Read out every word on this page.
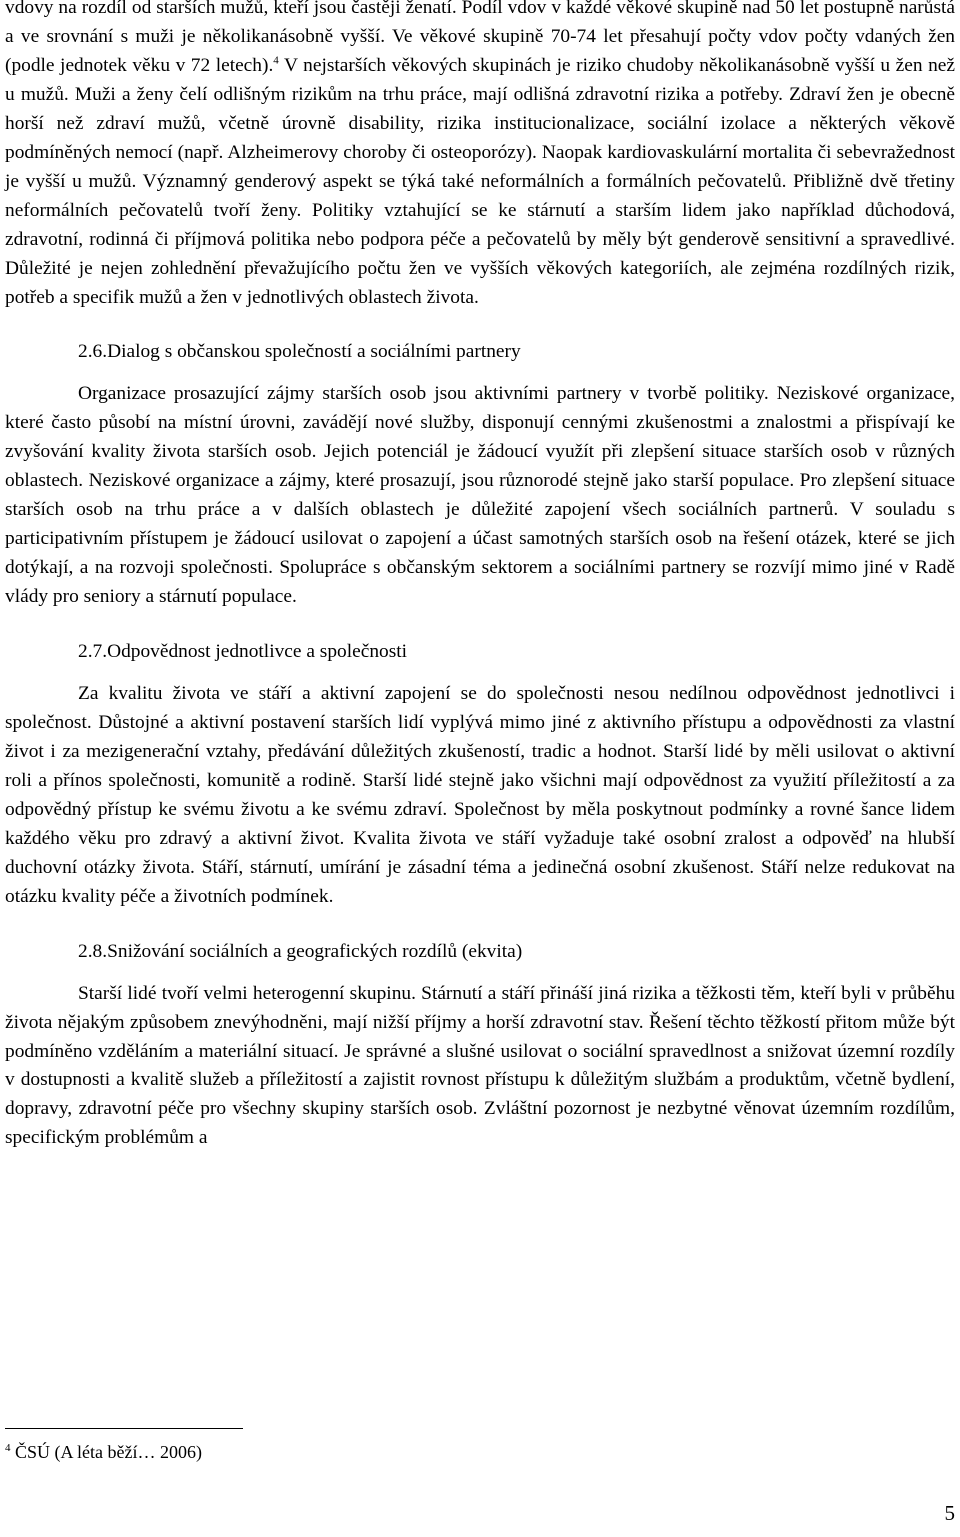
vdovy na rozdíl od starších mužů, kteří jsou častěji ženatí. Podíl vdov v každé věkové skupině nad 50 let postupně narůstá a ve srovnání s muži je několikanásobně vyšší. Ve věkové skupině 70-74 let přesahují počty vdov počty vdaných žen (podle jednotek věku v 72 letech).$^4$ V nejstarších věkových skupinách je riziko chudoby několikanásobně vyšší u žen než u mužů. Muži a ženy čelí odlišným rizikům na trhu práce, mají odlišná zdravotní rizika a potřeby. Zdraví žen je obecně horší než zdraví mužů, včetně úrovně disability, rizika institucionalizace, sociální izolace a některých věkově podmíněných nemocí (např. Alzheimerovy choroby či osteoporózy). Naopak kardiovaskulární mortalita či sebevražednost je vyšší u mužů. Významný genderový aspekt se týká také neformálních a formálních pečovatelů. Přibližně dvě třetiny neformálních pečovatelů tvoří ženy. Politiky vztahující se ke stárnutí a starším lidem jako například důchodová, zdravotní, rodinná či příjmová politika nebo podpora péče a pečovatelů by měly být genderově sensitivní a spravedlivé. Důležité je nejen zohlednění převažujícího počtu žen ve vyšších věkových kategoriích, ale zejména rozdílných rizik, potřeb a specifik mužů a žen v jednotlivých oblastech života.

2.6.Dialog s občanskou společností a sociálními partnery

Organizace prosazující zájmy starších osob jsou aktivními partnery v tvorbě politiky. Neziskové organizace, které často působí na místní úrovni, zavádějí nové služby, disponují cennými zkušenostmi a znalostmi a přispívají ke zvyšování kvality života starších osob. Jejich potenciál je žádoucí využít při zlepšení situace starších osob v různých oblastech. Neziskové organizace a zájmy, které prosazují, jsou různorodé stejně jako starší populace. Pro zlepšení situace starších osob na trhu práce a v dalších oblastech je důležité zapojení všech sociálních partnerů. V souladu s participativním přístupem je žádoucí usilovat o zapojení a účast samotných starších osob na řešení otázek, které se jich dotýkají, a na rozvoji společnosti. Spolupráce s občanským sektorem a sociálními partnery se rozvíjí mimo jiné v Radě vlády pro seniory a stárnutí populace.

2.7.Odpovědnost jednotlivce a společnosti

Za kvalitu života ve stáří a aktivní zapojení se do společnosti nesou nedílnou odpovědnost jednotlivci i společnost. Důstojné a aktivní postavení starších lidí vyplývá mimo jiné z aktivního přístupu a odpovědnosti za vlastní život i za mezigenerační vztahy, předávání důležitých zkušeností, tradic a hodnot. Starší lidé by měli usilovat o aktivní roli a přínos společnosti, komunitě a rodině. Starší lidé stejně jako všichni mají odpovědnost za využití příležitostí a za odpovědný přístup ke svému životu a ke svému zdraví. Společnost by měla poskytnout podmínky a rovné šance lidem každého věku pro zdravý a aktivní život. Kvalita života ve stáří vyžaduje také osobní zralost a odpověď na hlubší duchovní otázky života. Stáří, stárnutí, umírání je zásadní téma a jedinečná osobní zkušenost. Stáří nelze redukovat na otázku kvality péče a životních podmínek.

2.8.Snižování sociálních a geografických rozdílů (ekvita)

Starší lidé tvoří velmi heterogenní skupinu. Stárnutí a stáří přináší jiná rizika a těžkosti těm, kteří byli v průběhu života nějakým způsobem znevýhodněni, mají nižší příjmy a horší zdravotní stav. Řešení těchto těžkostí přitom může být podmíněno vzděláním a materiální situací. Je správné a slušné usilovat o sociální spravedlnost a snižovat územní rozdíly v dostupnosti a kvalitě služeb a příležitostí a zajistit rovnost přístupu k důležitým službám a produktům, včetně bydlení, dopravy, zdravotní péče pro všechny skupiny starších osob. Zvláštní pozornost je nezbytné věnovat územním rozdílům, specifickým problémům a

$^4$ ČSÚ (A léta běží… 2006)
5
